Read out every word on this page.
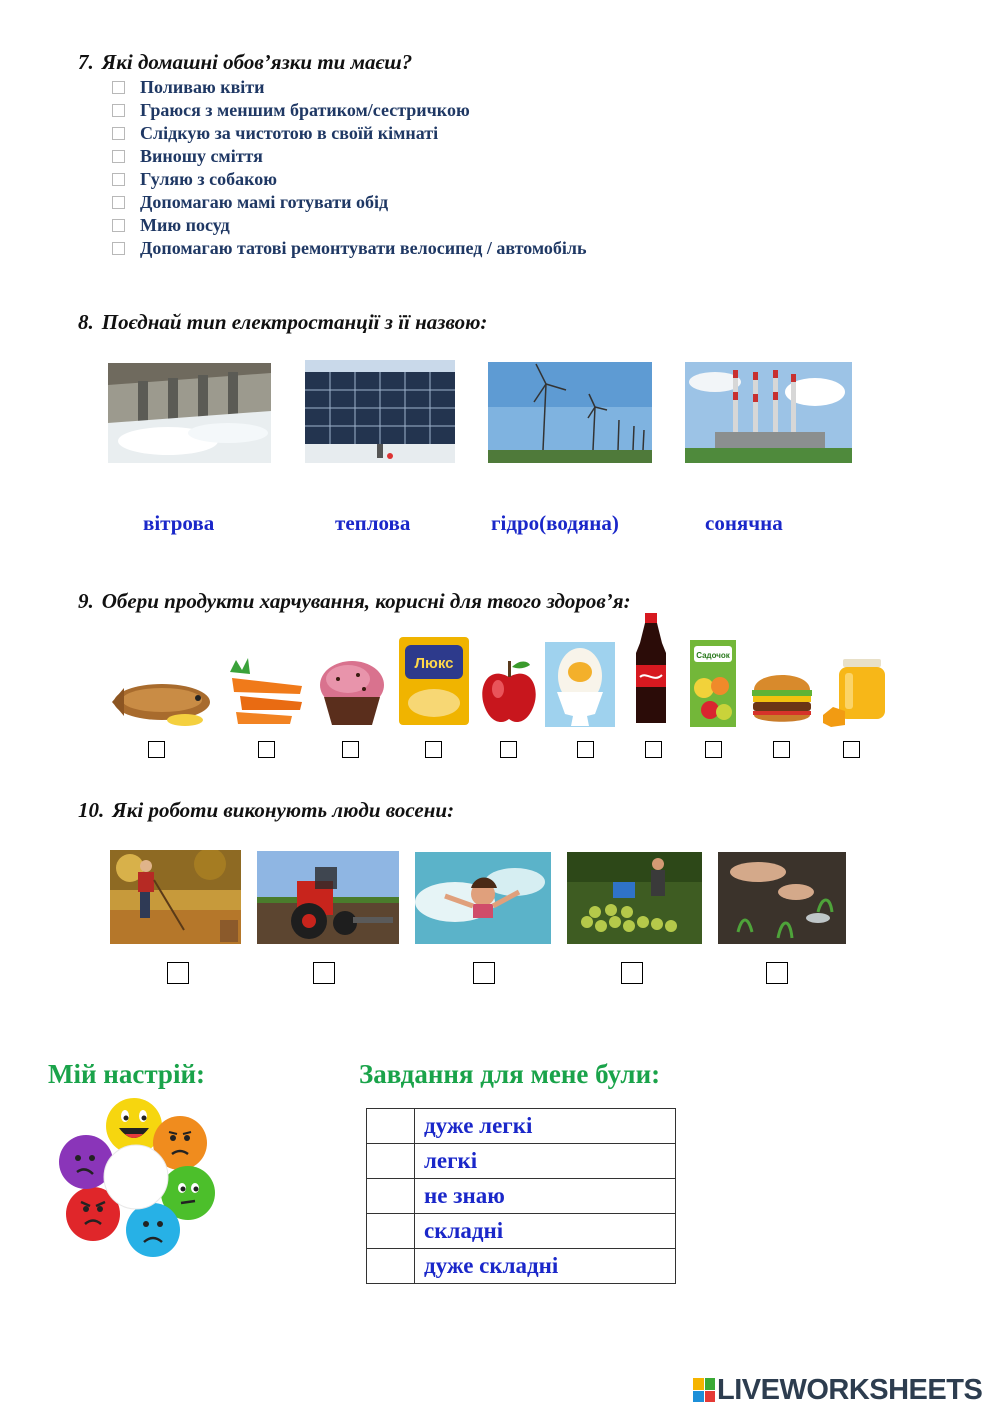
7. Які домашні обов’язки ти маєш?
Поливаю квіти
Граюся з меншим братиком/сестричкою
Слідкую за чистотою в своїй кімнаті
Виношу сміття
Гуляю з собакою
Допомагаю мамі готувати обід
Мию посуд
Допомагаю татові ремонтувати велосипед / автомобіль
8. Поєднай тип електростанції з її назвою:
вітрова	теплова	гідро(водяна)	сонячна
9. Обери продукти харчування, корисні для твого здоров’я:
Люкс	Садочок
10. Які роботи виконують люди восени:
Мій настрій:	Завдання для мене були:
	дуже легкі
	легкі
	не знаю
	складні
	дуже складні
LIVEWORKSHEETS
